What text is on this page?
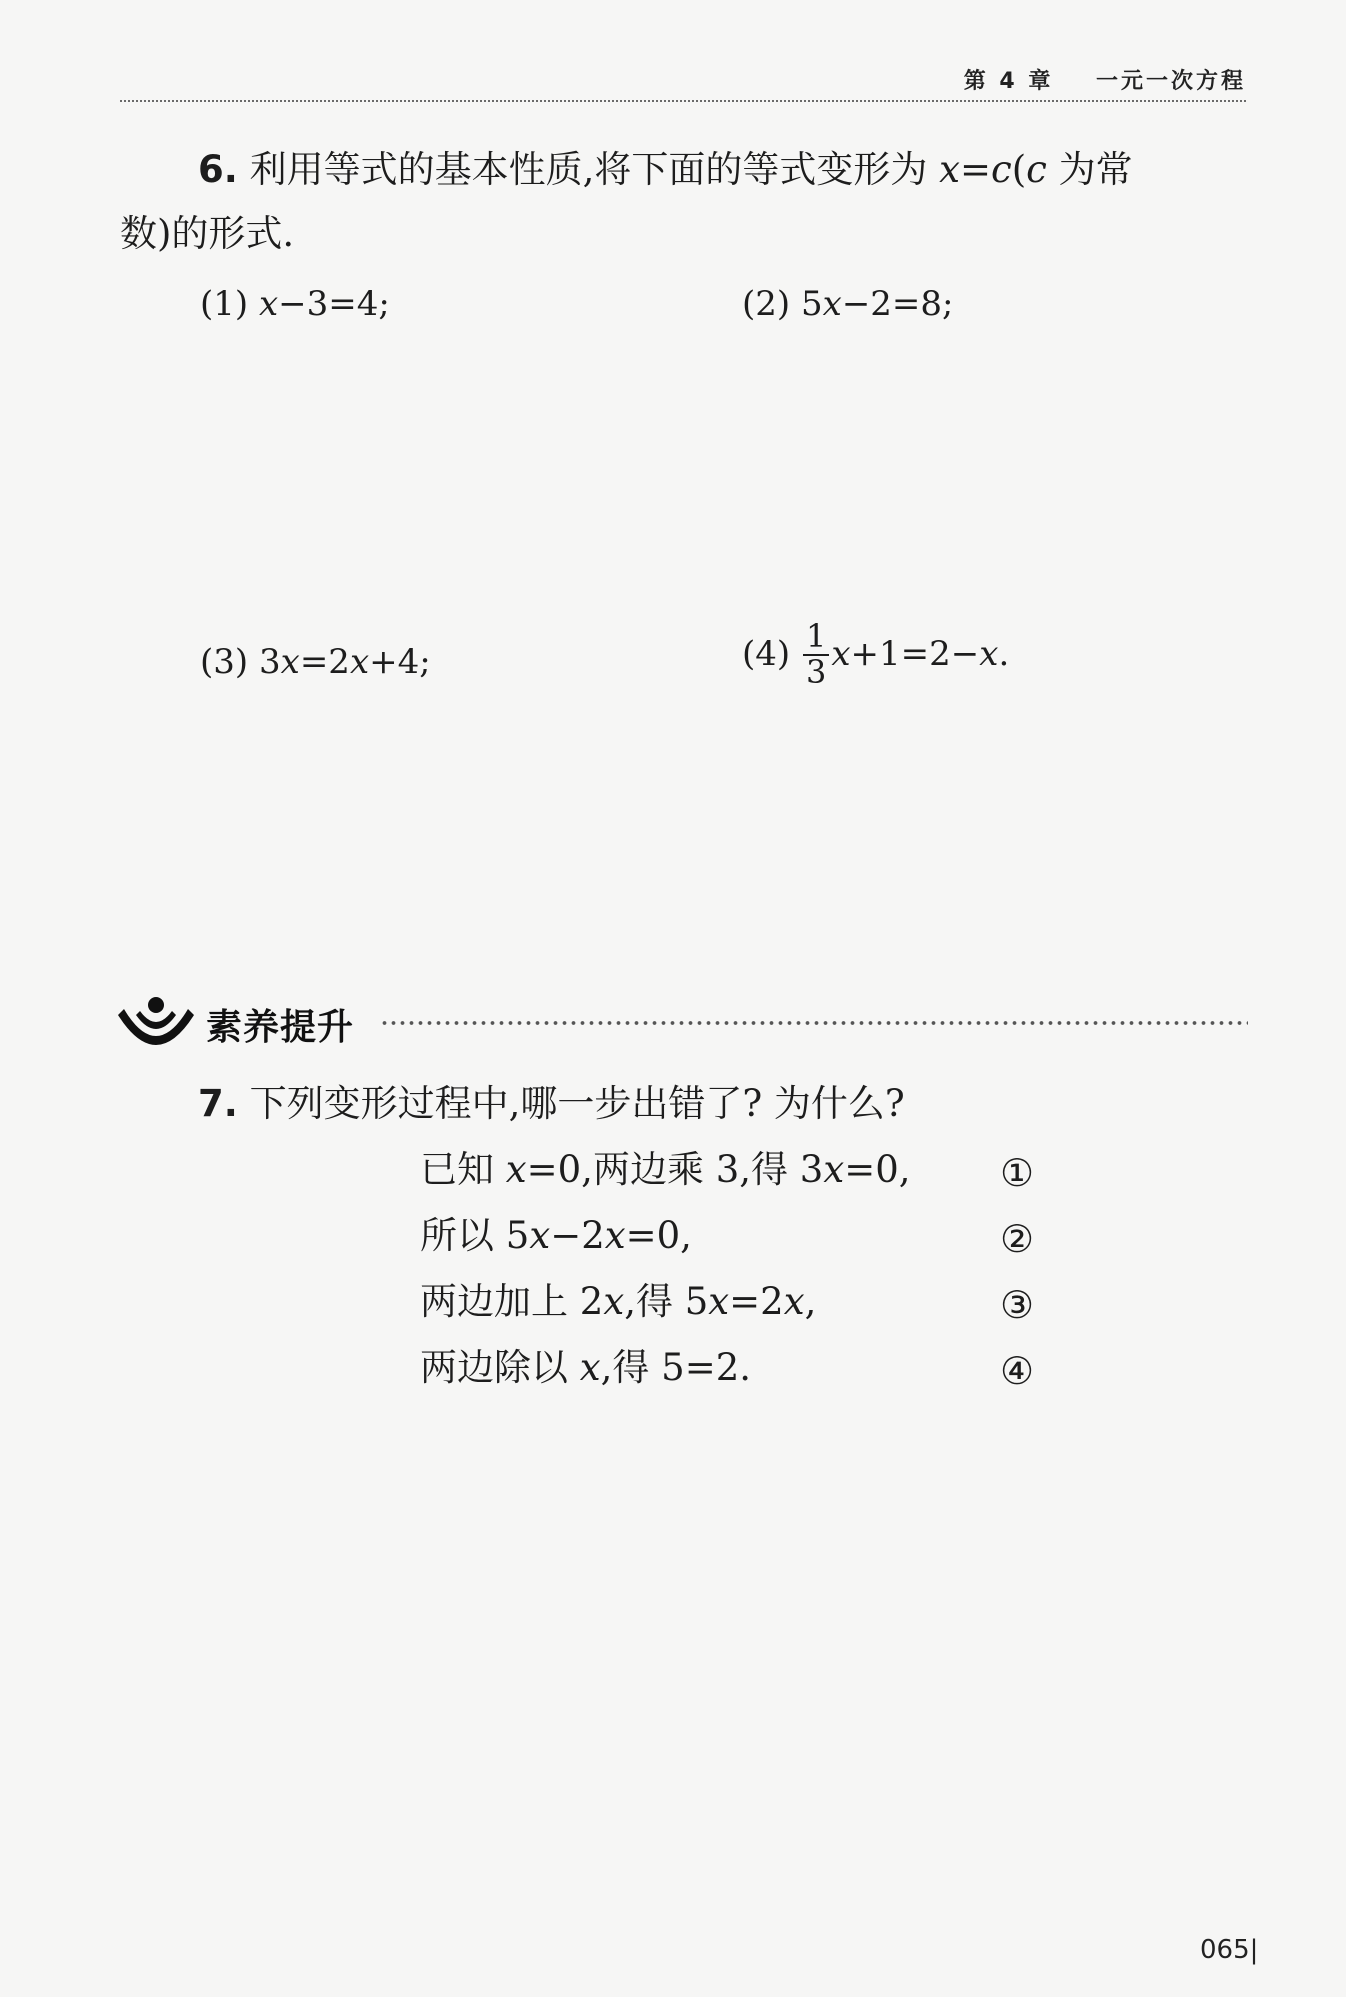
第 4 章 一元一次方程
6. 利用等式的基本性质,将下面的等式变形为 x=c(c 为常
数)的形式.
(1) x−3=4;	(2) 5x−2=8;
(3) 3x=2x+4;	$(4) \frac{1}{3} x+1=2-x$.
素养提升
7. 下列变形过程中,哪一步出错了? 为什么?
已知 x=0,两边乘 3,得 3x=0, ①
所以 5x−2x=0,	②
两边加上 2x,得 5x=2x,	③
两边除以 x,得 5=2.	④
065|
